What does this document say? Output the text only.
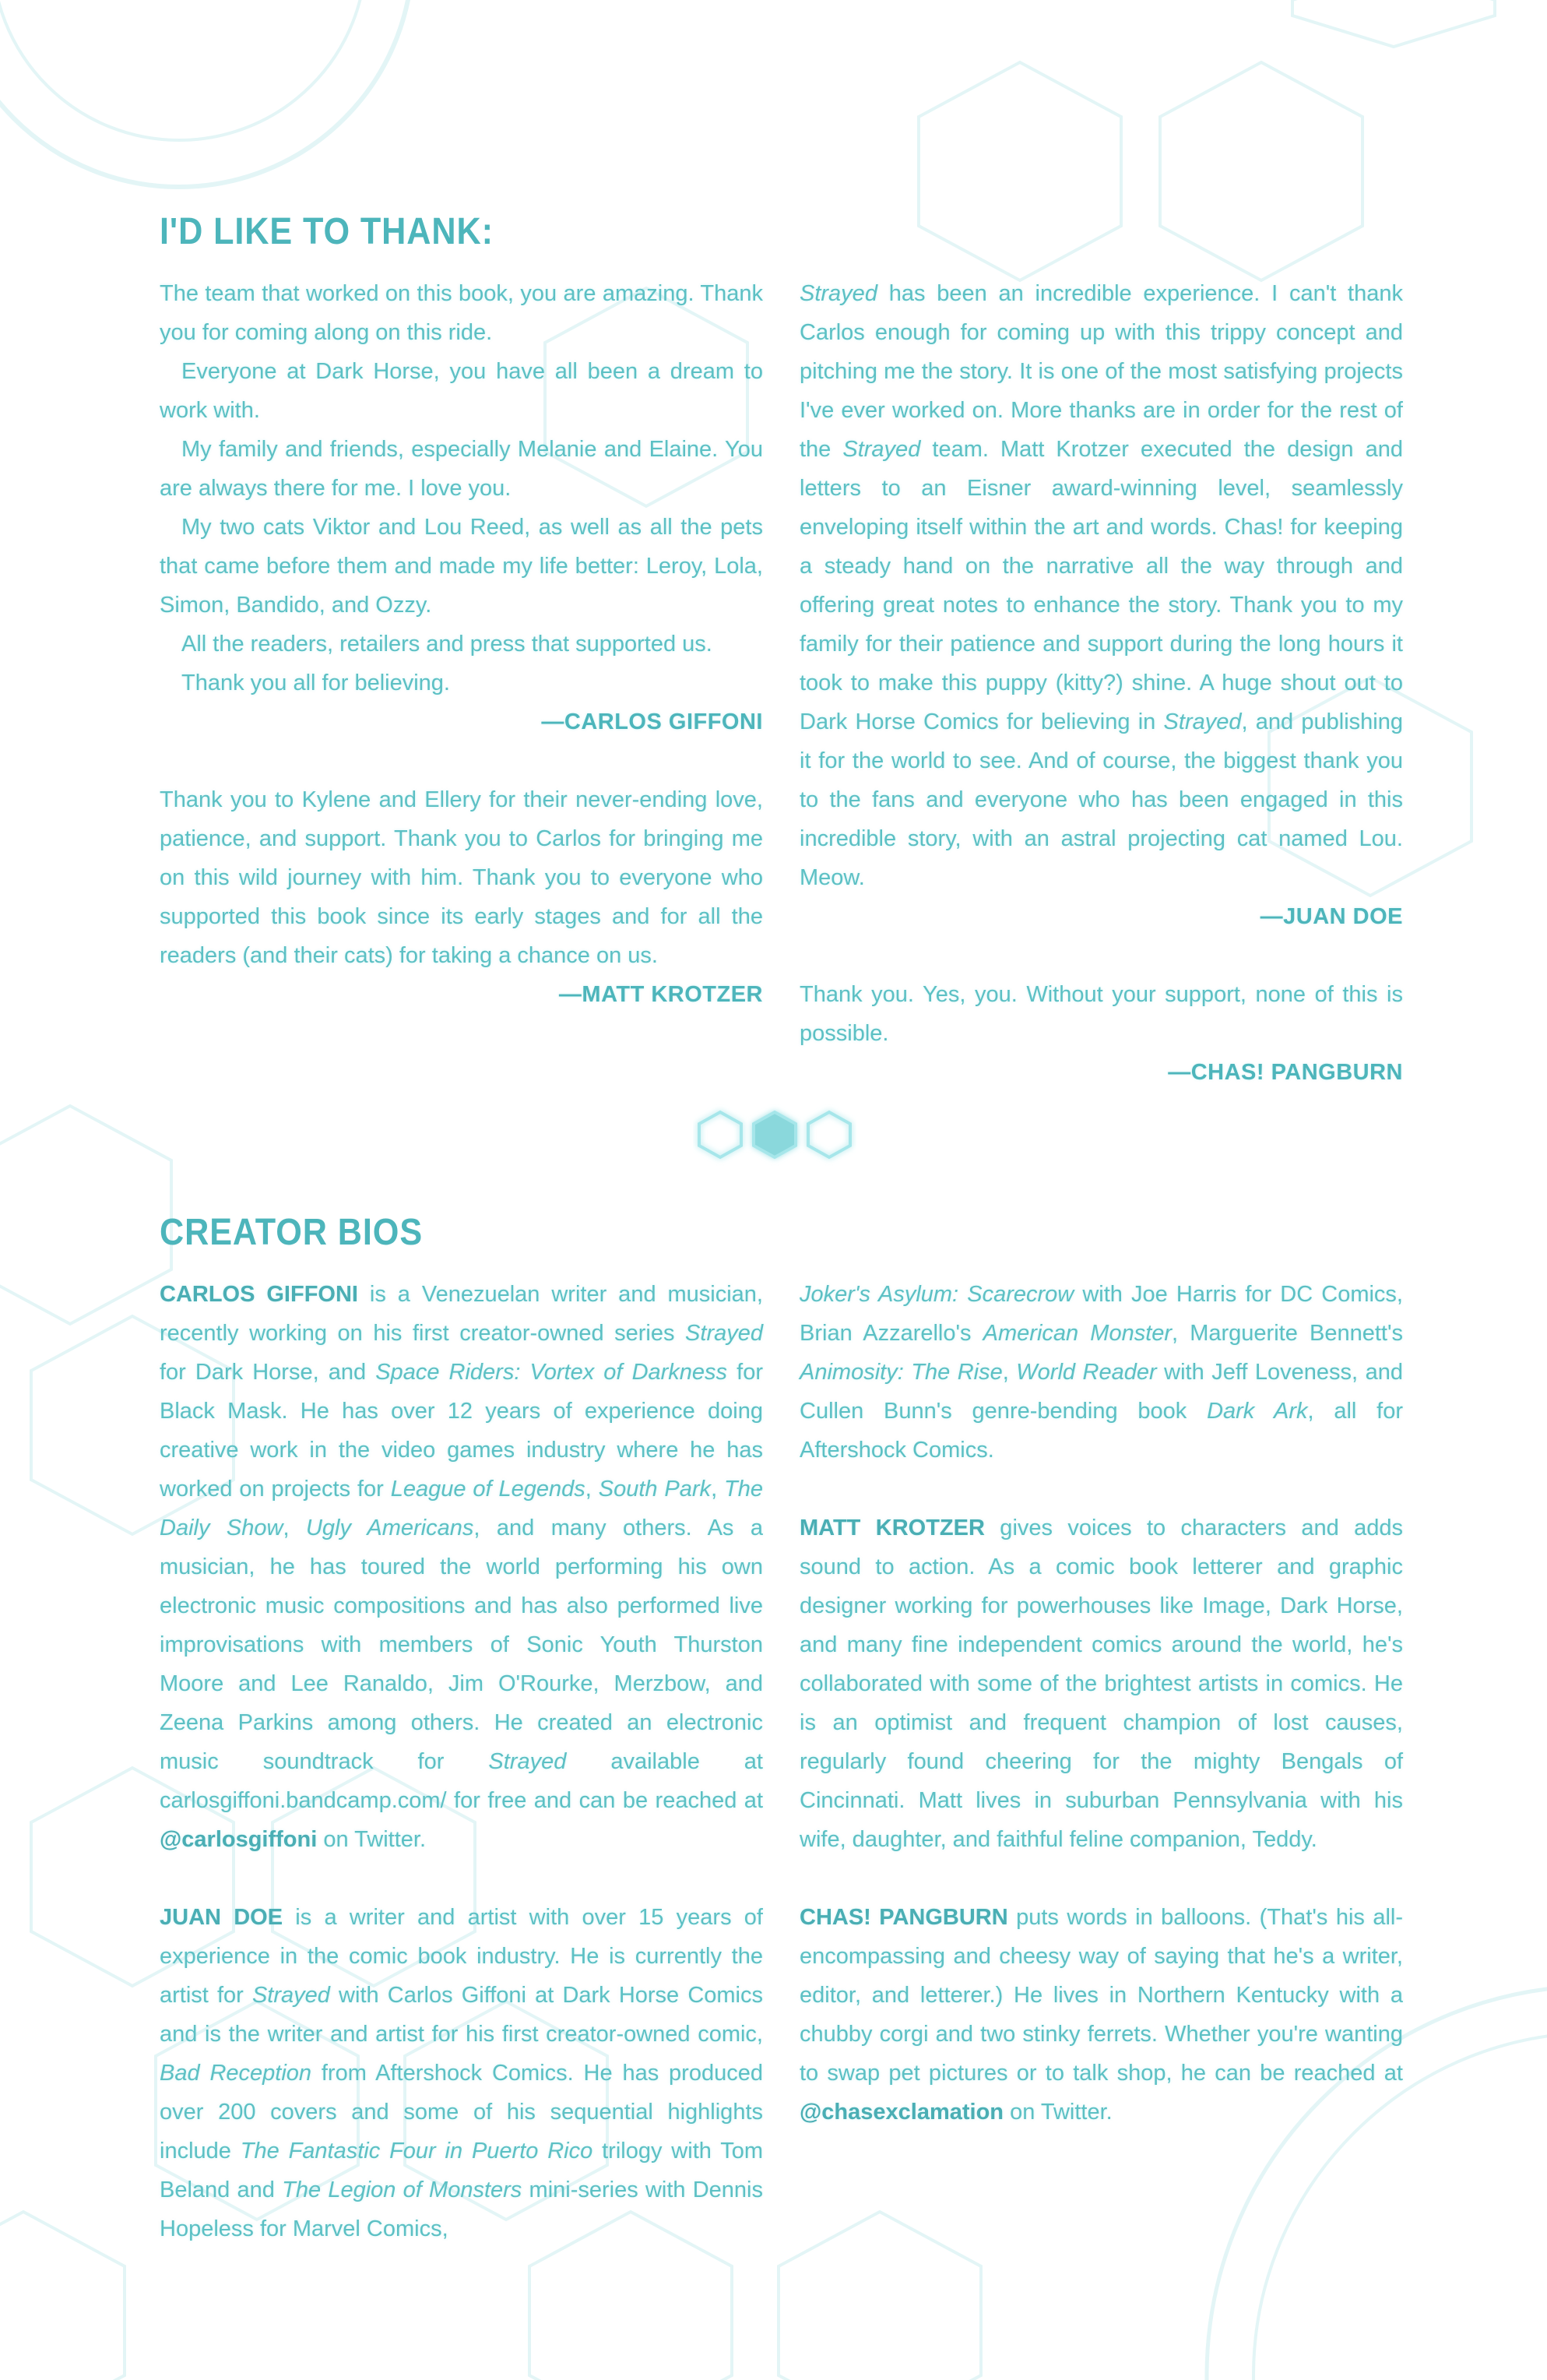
I'D LIKE TO THANK:

The team that worked on this book, you are amazing. Thank you for coming along on this ride.

Everyone at Dark Horse, you have all been a dream to work with.

My family and friends, especially Melanie and Elaine. You are always there for me. I love you.

My two cats Viktor and Lou Reed, as well as all the pets that came before them and made my life better: Leroy, Lola, Simon, Bandido, and Ozzy.

All the readers, retailers and press that supported us.

Thank you all for believing.

—CARLOS GIFFONI

Thank you to Kylene and Ellery for their never-ending love, patience, and support. Thank you to Carlos for bringing me on this wild journey with him. Thank you to everyone who supported this book since its early stages and for all the readers (and their cats) for taking a chance on us.

—MATT KROTZER

Strayed has been an incredible experience. I can't thank Carlos enough for coming up with this trippy concept and pitching me the story. It is one of the most satisfying projects I've ever worked on. More thanks are in order for the rest of the Strayed team. Matt Krotzer executed the design and letters to an Eisner award-winning level, seamlessly enveloping itself within the art and words. Chas! for keeping a steady hand on the narrative all the way through and offering great notes to enhance the story. Thank you to my family for their patience and support during the long hours it took to make this puppy (kitty?) shine. A huge shout out to Dark Horse Comics for believing in Strayed, and publishing it for the world to see. And of course, the biggest thank you to the fans and everyone who has been engaged in this incredible story, with an astral projecting cat named Lou. Meow.

—JUAN DOE

Thank you. Yes, you. Without your support, none of this is possible.

—CHAS! PANGBURN

CREATOR BIOS

CARLOS GIFFONI is a Venezuelan writer and musician, recently working on his first creator-owned series Strayed for Dark Horse, and Space Riders: Vortex of Darkness for Black Mask. He has over 12 years of experience doing creative work in the video games industry where he has worked on projects for League of Legends, South Park, The Daily Show, Ugly Americans, and many others. As a musician, he has toured the world performing his own electronic music compositions and has also performed live improvisations with members of Sonic Youth Thurston Moore and Lee Ranaldo, Jim O'Rourke, Merzbow, and Zeena Parkins among others. He created an electronic music soundtrack for Strayed available at carlosgiffoni.bandcamp.com/ for free and can be reached at @carlosgiffoni on Twitter.

JUAN DOE is a writer and artist with over 15 years of experience in the comic book industry. He is currently the artist for Strayed with Carlos Giffoni at Dark Horse Comics and is the writer and artist for his first creator-owned comic, Bad Reception from Aftershock Comics. He has produced over 200 covers and some of his sequential highlights include The Fantastic Four in Puerto Rico trilogy with Tom Beland and The Legion of Monsters mini-series with Dennis Hopeless for Marvel Comics,

Joker's Asylum: Scarecrow with Joe Harris for DC Comics, Brian Azzarello's American Monster, Marguerite Bennett's Animosity: The Rise, World Reader with Jeff Loveness, and Cullen Bunn's genre-bending book Dark Ark, all for Aftershock Comics.

MATT KROTZER gives voices to characters and adds sound to action. As a comic book letterer and graphic designer working for powerhouses like Image, Dark Horse, and many fine independent comics around the world, he's collaborated with some of the brightest artists in comics. He is an optimist and frequent champion of lost causes, regularly found cheering for the mighty Bengals of Cincinnati. Matt lives in suburban Pennsylvania with his wife, daughter, and faithful feline companion, Teddy.

CHAS! PANGBURN puts words in balloons. (That's his all-encompassing and cheesy way of saying that he's a writer, editor, and letterer.) He lives in Northern Kentucky with a chubby corgi and two stinky ferrets. Whether you're wanting to swap pet pictures or to talk shop, he can be reached at @chasexclamation on Twitter.
